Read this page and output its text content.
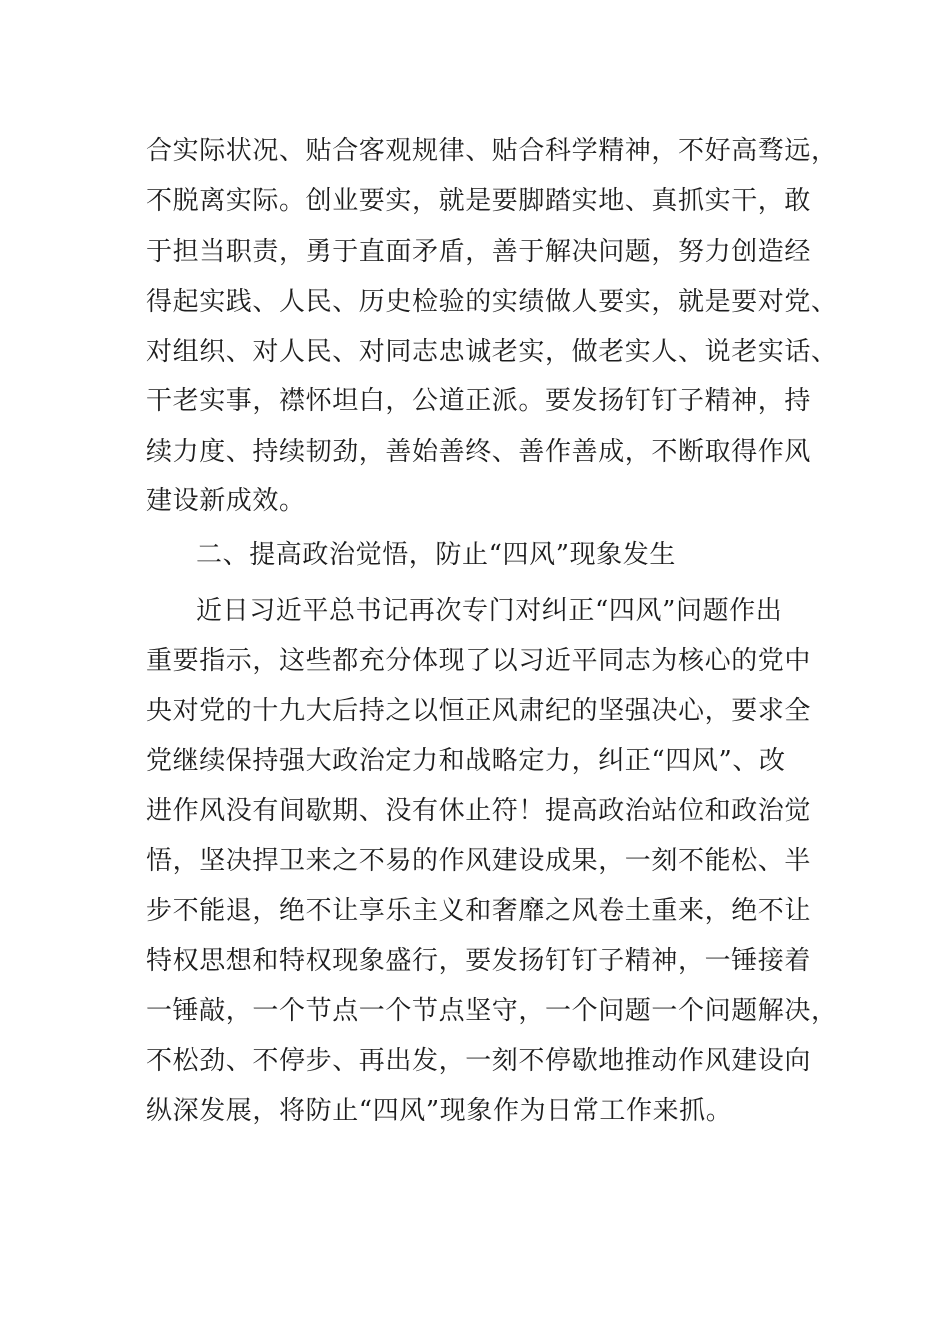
合实际状况、贴合客观规律、贴合科学精神，不好高骛远，
不脱离实际。创业要实，就是要脚踏实地、真抓实干，敢
于担当职责，勇于直面矛盾，善于解决问题，努力创造经
得起实践、人民、历史检验的实绩做人要实，就是要对党、
对组织、对人民、对同志忠诚老实，做老实人、说老实话、
干老实事，襟怀坦白，公道正派。要发扬钉钉子精神，持
续力度、持续韧劲，善始善终、善作善成，不断取得作风
建设新成效。
二、提高政治觉悟，防止“四风”现象发生
近日习近平总书记再次专门对纠正“四风”问题作出
重要指示，这些都充分体现了以习近平同志为核心的党中
央对党的十九大后持之以恒正风肃纪的坚强决心，要求全
党继续保持强大政治定力和战略定力，纠正“四风”、改
进作风没有间歇期、没有休止符！提高政治站位和政治觉
悟，坚决捍卫来之不易的作风建设成果，一刻不能松、半
步不能退，绝不让享乐主义和奢靡之风卷土重来，绝不让
特权思想和特权现象盛行，要发扬钉钉子精神，一锤接着
一锤敲，一个节点一个节点坚守，一个问题一个问题解决，
不松劲、不停步、再出发，一刻不停歇地推动作风建设向
纵深发展，将防止“四风”现象作为日常工作来抓。
